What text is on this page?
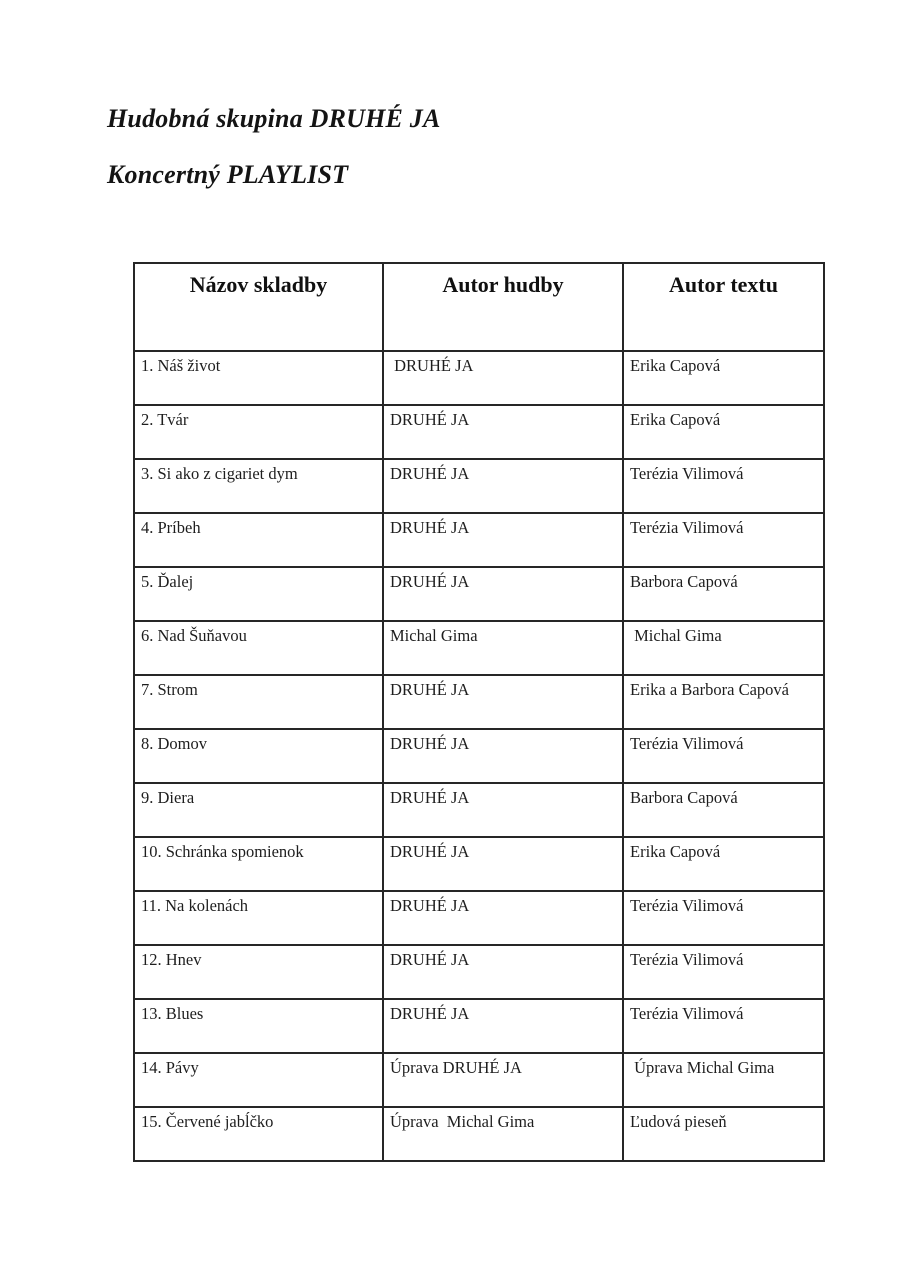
Hudobná skupina DRUHÉ JA
Koncertný PLAYLIST
Názov skladby	Autor hudby	Autor textu
1. Náš život	DRUHÉ JA	Erika Capová
2. Tvár	DRUHÉ JA	Erika Capová
3. Si ako z cigariet dym	DRUHÉ JA	Terézia Vilimová
4. Príbeh	DRUHÉ JA	Terézia Vilimová
5. Ďalej	DRUHÉ JA	Barbora Capová
6. Nad Šuňavou	Michal Gima	Michal Gima
7. Strom	DRUHÉ JA	Erika a Barbora Capová
8. Domov	DRUHÉ JA	Terézia Vilimová
9. Diera	DRUHÉ JA	Barbora Capová
10. Schránka spomienok	DRUHÉ JA	Erika Capová
11. Na kolenách	DRUHÉ JA	Terézia Vilimová
12. Hnev	DRUHÉ JA	Terézia Vilimová
13. Blues	DRUHÉ JA	Terézia Vilimová
14. Pávy	Úprava DRUHÉ JA	Úprava Michal Gima
15. Červené jabĺčko	Úprava  Michal Gima	Ľudová pieseň
